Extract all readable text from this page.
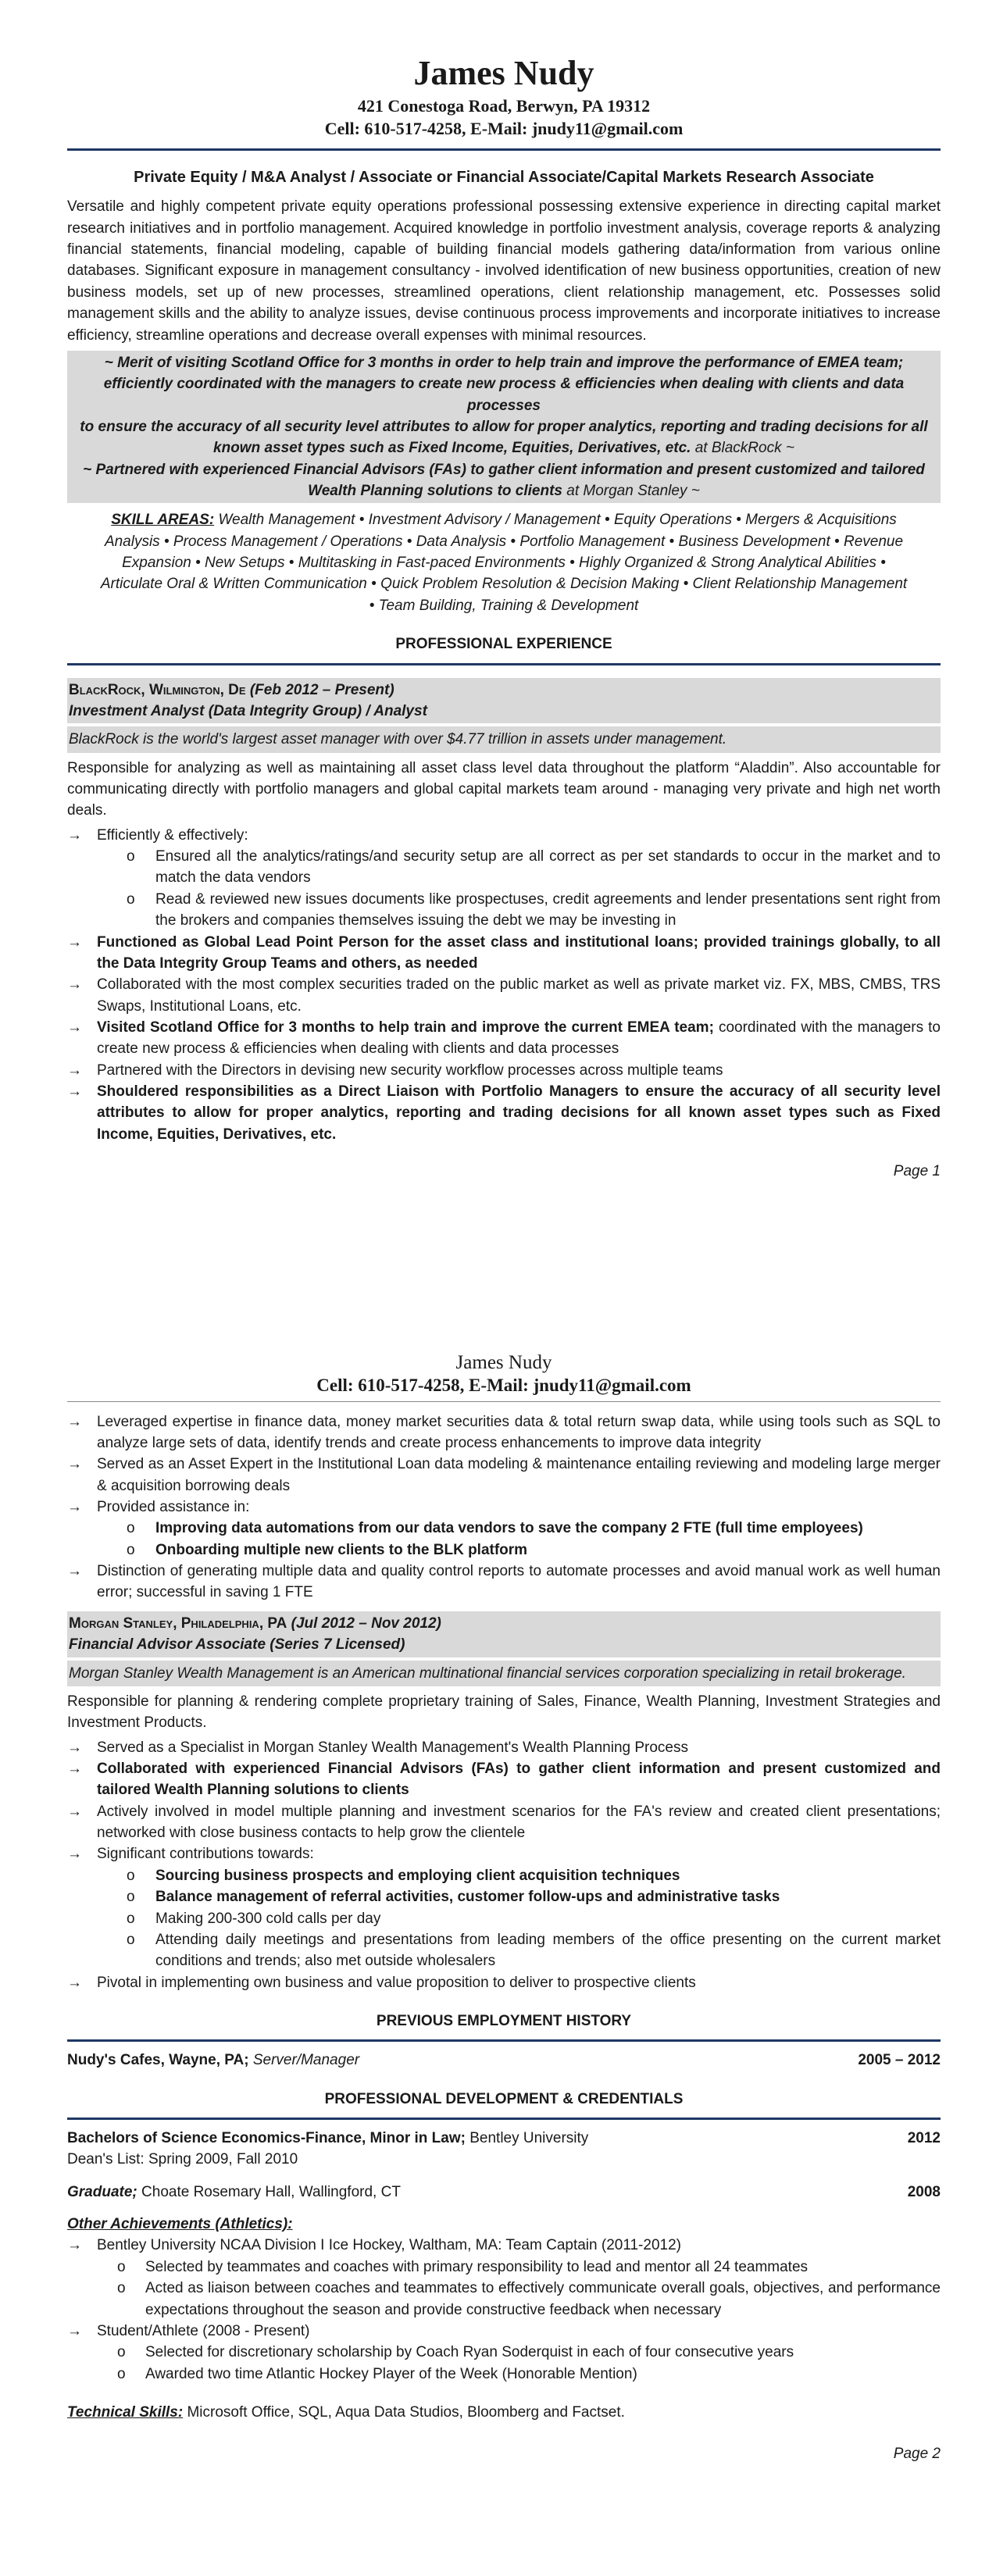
James Nudy
421 Conestoga Road, Berwyn, PA 19312
Cell: 610-517-4258, E-Mail: jnudy11@gmail.com
Private Equity / M&A Analyst / Associate or Financial Associate/Capital Markets Research Associate
Versatile and highly competent private equity operations professional possessing extensive experience in directing capital market research initiatives and in portfolio management. Acquired knowledge in portfolio investment analysis, coverage reports & analyzing financial statements, financial modeling, capable of building financial models gathering data/information from various online databases. Significant exposure in management consultancy - involved identification of new business opportunities, creation of new business models, set up of new processes, streamlined operations, client relationship management, etc. Possesses solid management skills and the ability to analyze issues, devise continuous process improvements and incorporate initiatives to increase efficiency, streamline operations and decrease overall expenses with minimal resources.
~ Merit of visiting Scotland Office for 3 months in order to help train and improve the performance of EMEA team; efficiently coordinated with the managers to create new process & efficiencies when dealing with clients and data processes
to ensure the accuracy of all security level attributes to allow for proper analytics, reporting and trading decisions for all known asset types such as Fixed Income, Equities, Derivatives, etc. at BlackRock ~
~ Partnered with experienced Financial Advisors (FAs) to gather client information and present customized and tailored Wealth Planning solutions to clients at Morgan Stanley ~
SKILL AREAS: Wealth Management • Investment Advisory / Management • Equity Operations • Mergers & Acquisitions Analysis • Process Management / Operations • Data Analysis • Portfolio Management • Business Development • Revenue Expansion • New Setups • Multitasking in Fast-paced Environments • Highly Organized & Strong Analytical Abilities • Articulate Oral & Written Communication • Quick Problem Resolution & Decision Making • Client Relationship Management • Team Building, Training & Development
PROFESSIONAL EXPERIENCE
BlackRock, Wilmington, De (Feb 2012 – Present)
Investment Analyst (Data Integrity Group) / Analyst
BlackRock is the world's largest asset manager with over $4.77 trillion in assets under management.
Responsible for analyzing as well as maintaining all asset class level data throughout the platform “Aladdin”. Also accountable for communicating directly with portfolio managers and global capital markets team around - managing very private and high net worth deals.
→ Efficiently & effectively:
o Ensured all the analytics/ratings/and security setup are all correct as per set standards to occur in the market and to match the data vendors
o Read & reviewed new issues documents like prospectuses, credit agreements and lender presentations sent right from the brokers and companies themselves issuing the debt we may be investing in
→ Functioned as Global Lead Point Person for the asset class and institutional loans; provided trainings globally, to all the Data Integrity Group Teams and others, as needed
→ Collaborated with the most complex securities traded on the public market as well as private market viz. FX, MBS, CMBS, TRS Swaps, Institutional Loans, etc.
→ Visited Scotland Office for 3 months to help train and improve the current EMEA team; coordinated with the managers to create new process & efficiencies when dealing with clients and data processes
→ Partnered with the Directors in devising new security workflow processes across multiple teams
→ Shouldered responsibilities as a Direct Liaison with Portfolio Managers to ensure the accuracy of all security level attributes to allow for proper analytics, reporting and trading decisions for all known asset types such as Fixed Income, Equities, Derivatives, etc.
Page 1
James Nudy
Cell: 610-517-4258, E-Mail: jnudy11@gmail.com
→ Leveraged expertise in finance data, money market securities data & total return swap data, while using tools such as SQL to analyze large sets of data, identify trends and create process enhancements to improve data integrity
→ Served as an Asset Expert in the Institutional Loan data modeling & maintenance entailing reviewing and modeling large merger & acquisition borrowing deals
→ Provided assistance in:
o Improving data automations from our data vendors to save the company 2 FTE (full time employees)
o Onboarding multiple new clients to the BLK platform
→ Distinction of generating multiple data and quality control reports to automate processes and avoid manual work as well human error; successful in saving 1 FTE
Morgan Stanley, Philadelphia, PA (Jul 2012 – Nov 2012)
Financial Advisor Associate (Series 7 Licensed)
Morgan Stanley Wealth Management is an American multinational financial services corporation specializing in retail brokerage.
Responsible for planning & rendering complete proprietary training of Sales, Finance, Wealth Planning, Investment Strategies and Investment Products.
→ Served as a Specialist in Morgan Stanley Wealth Management's Wealth Planning Process
→ Collaborated with experienced Financial Advisors (FAs) to gather client information and present customized and tailored Wealth Planning solutions to clients
→ Actively involved in model multiple planning and investment scenarios for the FA's review and created client presentations; networked with close business contacts to help grow the clientele
→ Significant contributions towards:
o Sourcing business prospects and employing client acquisition techniques
o Balance management of referral activities, customer follow-ups and administrative tasks
o Making 200-300 cold calls per day
o Attending daily meetings and presentations from leading members of the office presenting on the current market conditions and trends; also met outside wholesalers
→ Pivotal in implementing own business and value proposition to deliver to prospective clients
PREVIOUS EMPLOYMENT HISTORY
Nudy's Cafes, Wayne, PA; Server/Manager	2005 – 2012
PROFESSIONAL DEVELOPMENT & CREDENTIALS
Bachelors of Science Economics-Finance, Minor in Law; Bentley University	2012
Dean's List: Spring 2009, Fall 2010
Graduate; Choate Rosemary Hall, Wallingford, CT	2008
Other Achievements (Athletics):
→ Bentley University NCAA Division I Ice Hockey, Waltham, MA: Team Captain (2011-2012)
o Selected by teammates and coaches with primary responsibility to lead and mentor all 24 teammates
o Acted as liaison between coaches and teammates to effectively communicate overall goals, objectives, and performance expectations throughout the season and provide constructive feedback when necessary
→ Student/Athlete (2008 - Present)
o Selected for discretionary scholarship by Coach Ryan Soderquist in each of four consecutive years
o Awarded two time Atlantic Hockey Player of the Week (Honorable Mention)
Technical Skills: Microsoft Office, SQL, Aqua Data Studios, Bloomberg and Factset.
Page 2
